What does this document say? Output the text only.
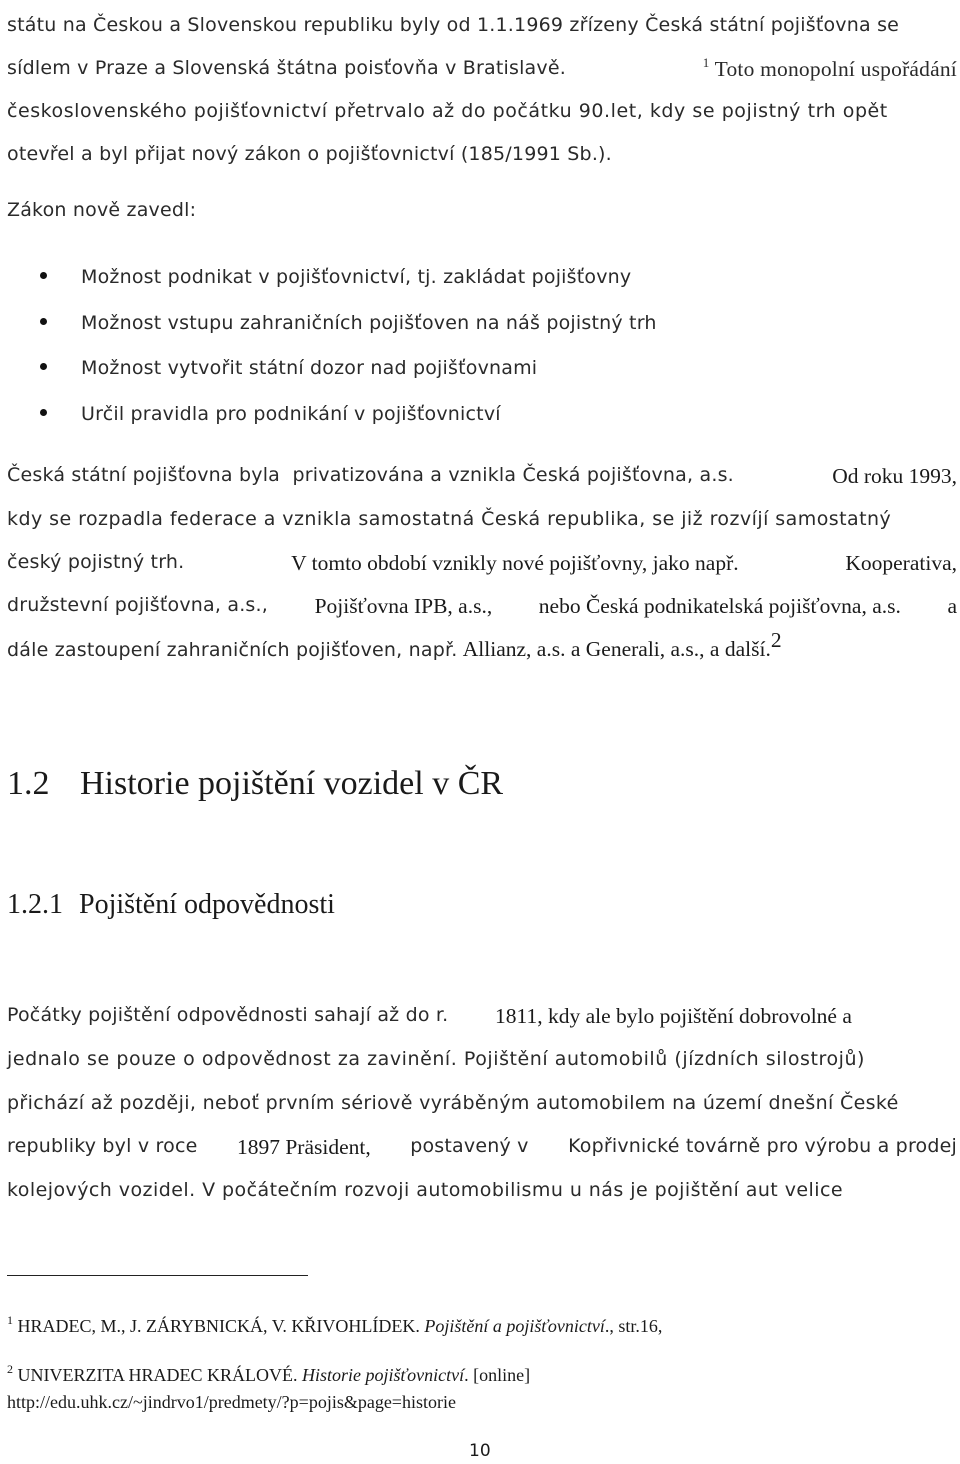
státu na Českou a Slovenskou republiku byly od 1.1.1969 zřízeny Česká státní pojišťovna se
sídlem v Praze a Slovenská štátna poisťovňa v Bratislavě.	$^1$ Toto monopolní uspořádání
československého pojišťovnictví přetrvalo až do počátku 90.let, kdy se pojistný trh opět
otevřel a byl přijat nový zákon o pojišťovnictví (185/1991 Sb.).
Zákon nově zavedl:
Možnost podnikat v pojišťovnictví, tj. zakládat pojišťovny
Možnost vstupu zahraničních pojišťoven na náš pojistný trh
Možnost vytvořit státní dozor nad pojišťovnami
Určil pravidla pro podnikání v pojišťovnictví
Česká státní pojišťovna byla  privatizována a vznikla Česká pojišťovna, a.s.	Od roku 1993,
kdy se rozpadla federace a vznikla samostatná Česká republika, se již rozvíjí samostatný
český pojistný trh.	V tomto období vznikly nové pojišťovny, jako např.	Kooperativa,
družstevní pojišťovna, a.s., Pojišťovna IPB, a.s., nebo Česká podnikatelská pojišťovna, a.s. a
dále zastoupení zahraničních pojišťoven, např. Allianz, a.s. a Generali, a.s., a další.$^2$
1.2 Historie pojištění vozidel v ČR
1.2.1 Pojištění odpovědnosti
Počátky pojištění odpovědnosti sahají až do r. 1811, kdy ale bylo pojištění dobrovolné a
jednalo se pouze o odpovědnost za zavinění. Pojištění automobilů (jízdních silostrojů)
přichází až později, neboť prvním sériově vyráběným automobilem na území dnešní České
republiky byl v roce 1897 Präsident, postavený v Kopřivnické továrně pro výrobu a prodej
kolejových vozidel. V počátečním rozvoji automobilismu u nás je pojištění aut velice
$^1$ HRADEC, M., J. ZÁRYBNICKÁ, V. KŘIVOHLÍDEK. Pojištění a pojišťovnictví., str.16,
$^2$ UNIVERZITA HRADEC KRÁLOVÉ. Historie pojišťovnictví. [online]
http://edu.uhk.cz/~jindrvo1/predmety/?p=pojis&page=historie
10
